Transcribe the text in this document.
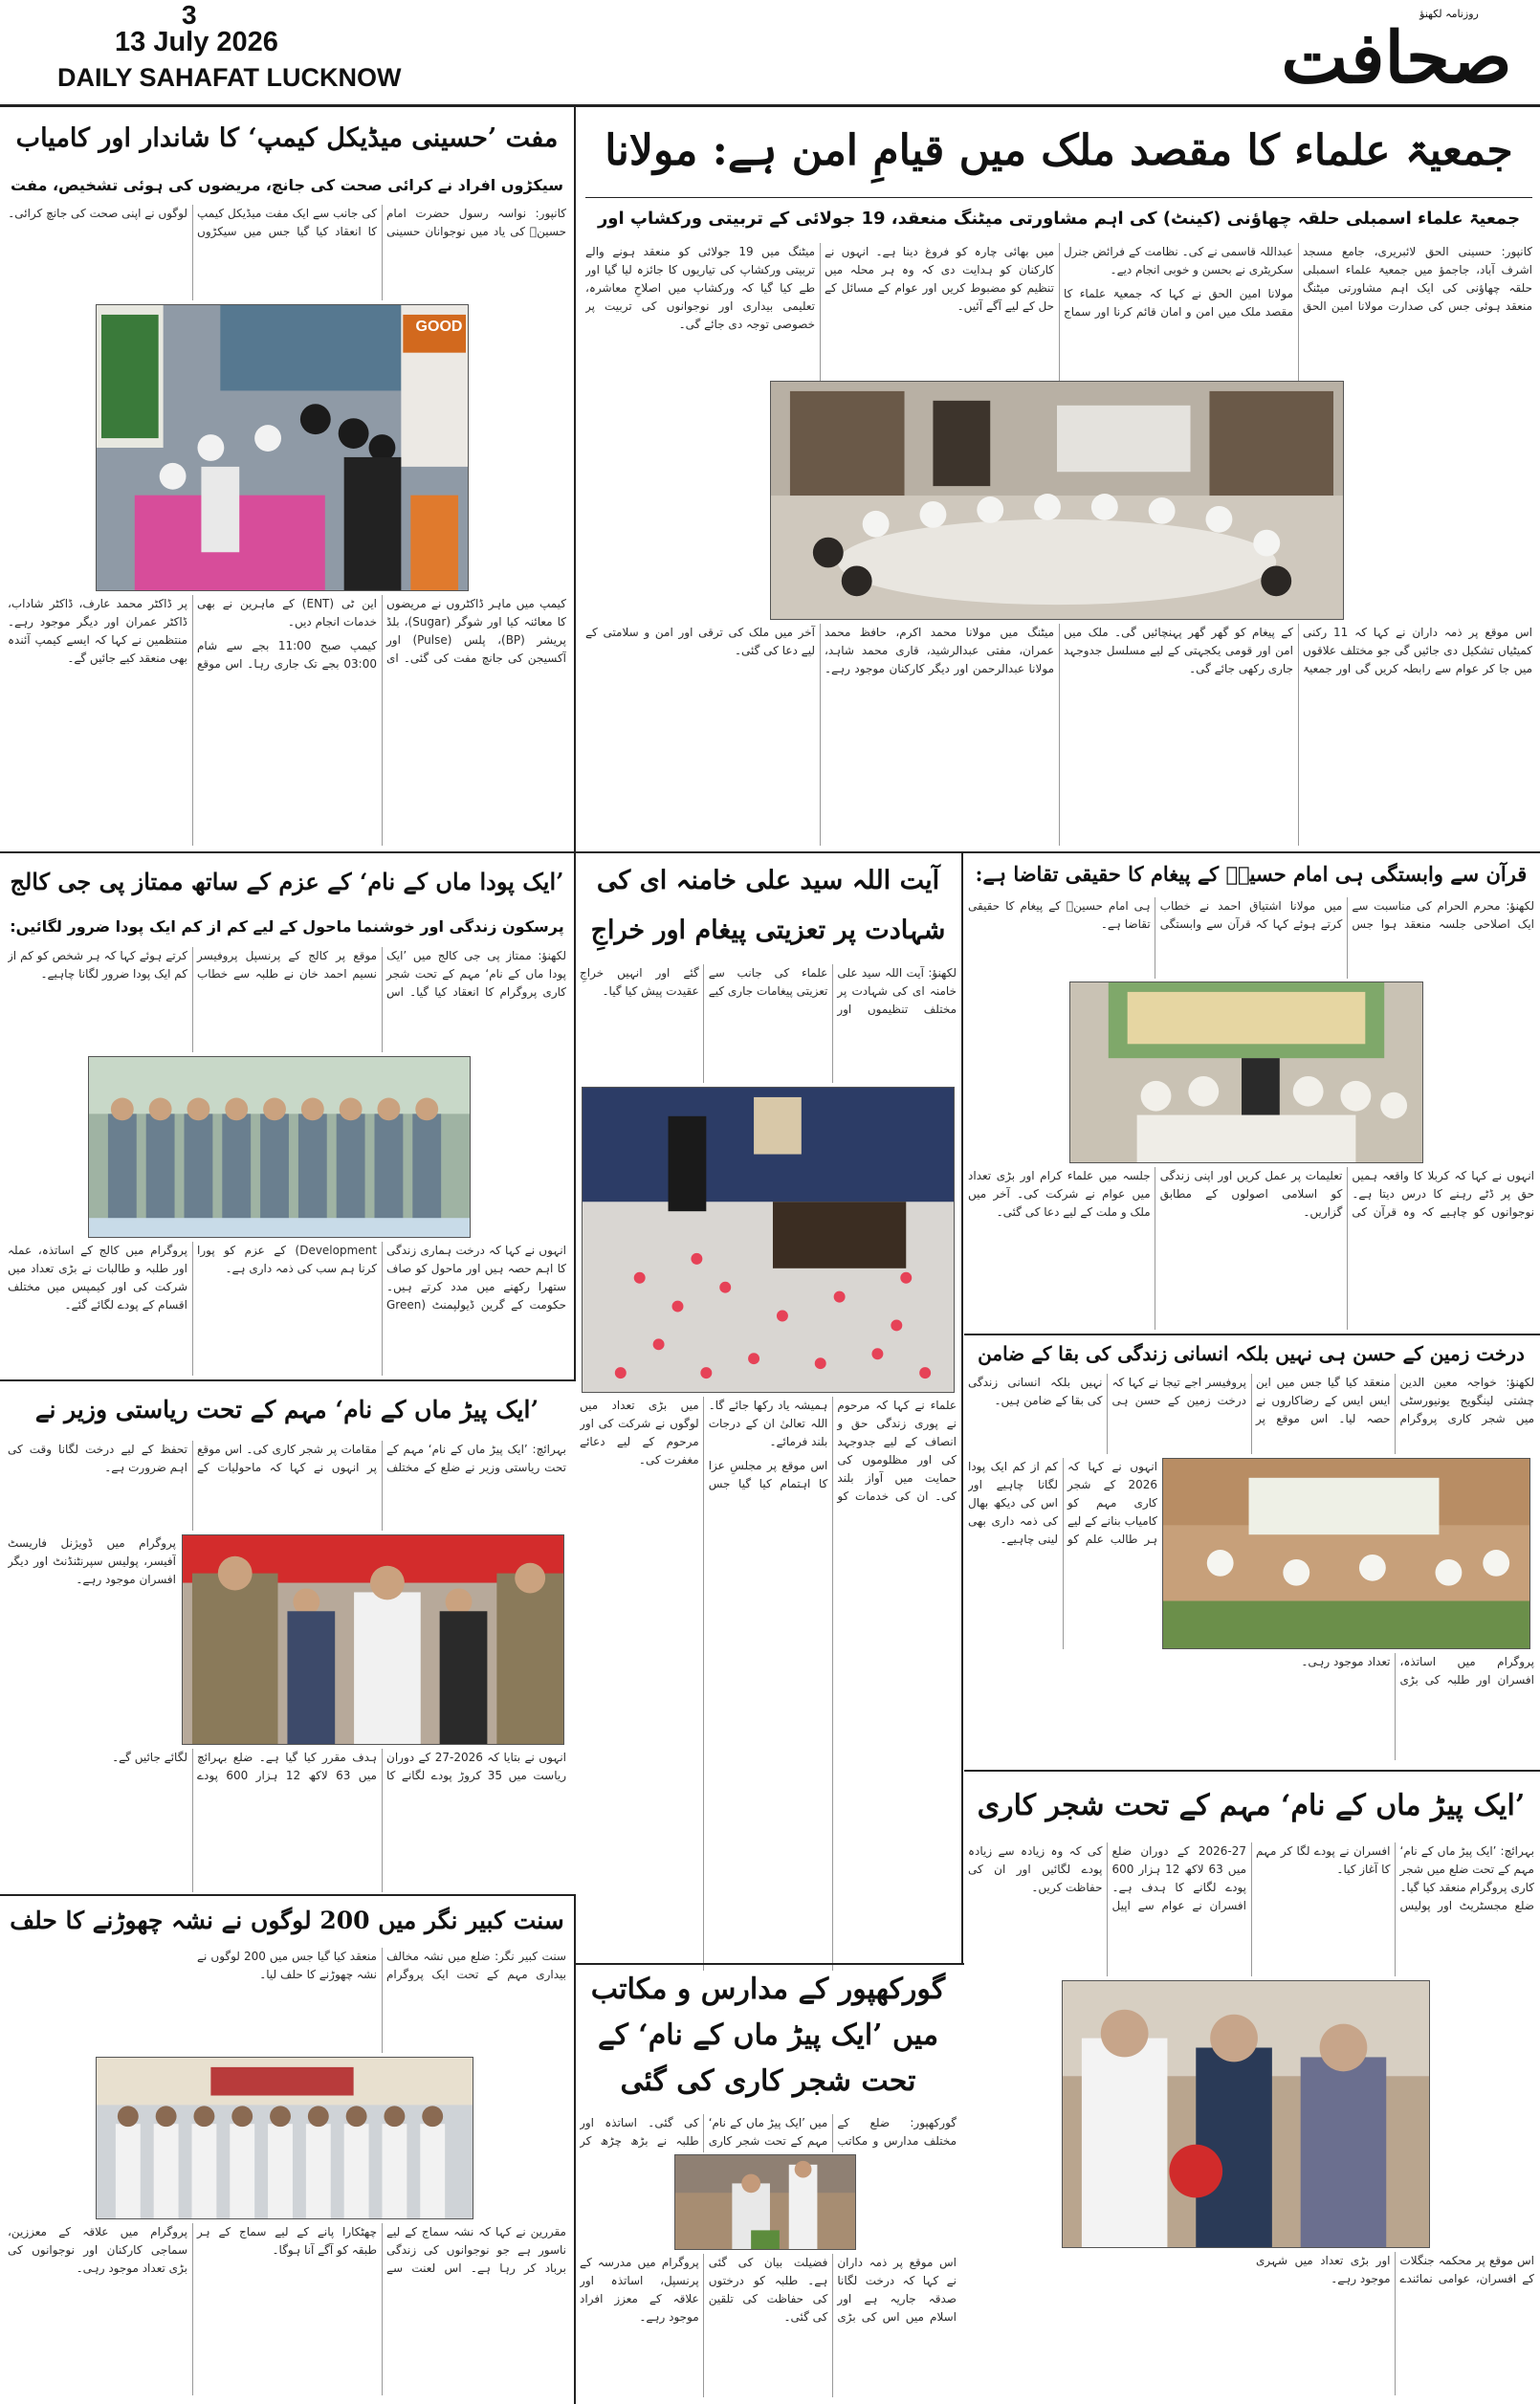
3
13 July 2026
DAILY SAHAFAT LUCKNOW
روزنامہ لکھنؤ
صحافت
جمعیۃ علماء کا مقصد ملک میں قیامِ امن ہے: مولانا
جمعیۃ علماء اسمبلی حلقہ چھاؤنی (کینٹ) کی اہم مشاورتی میٹنگ منعقد، 19 جولائی کے تربیتی ورکشاپ اور

کانپور: حسینی الحق لائبریری، جامع مسجد اشرف آباد، جاجمؤ میں جمعیۃ علماء اسمبلی حلقہ چھاؤنی کی ایک اہم مشاورتی میٹنگ منعقد ہوئی جس کی صدارت مولانا امین الحق عبداللہ قاسمی نے کی۔ نظامت کے فرائض جنرل سکریٹری نے بحسن و خوبی انجام دیے۔

مولانا امین الحق نے کہا کہ جمعیۃ علماء کا مقصد ملک میں امن و امان قائم کرنا اور سماج میں بھائی چارہ کو فروغ دینا ہے۔ انہوں نے کارکنان کو ہدایت دی کہ وہ ہر محلہ میں تنظیم کو مضبوط کریں اور عوام کے مسائل کے حل کے لیے آگے آئیں۔

میٹنگ میں 19 جولائی کو منعقد ہونے والے تربیتی ورکشاپ کی تیاریوں کا جائزہ لیا گیا اور طے کیا گیا کہ ورکشاپ میں اصلاحِ معاشرہ، تعلیمی بیداری اور نوجوانوں کی تربیت پر خصوصی توجہ دی جائے گی۔

اس موقع پر ذمہ داران نے کہا کہ 11 رکنی کمیٹیاں تشکیل دی جائیں گی جو مختلف علاقوں میں جا کر عوام سے رابطہ کریں گی اور جمعیۃ کے پیغام کو گھر گھر پہنچائیں گی۔ ملک میں امن اور قومی یکجہتی کے لیے مسلسل جدوجہد جاری رکھی جائے گی۔

میٹنگ میں مولانا محمد اکرم، حافظ محمد عمران، مفتی عبدالرشید، قاری محمد شاہد، مولانا عبدالرحمن اور دیگر کارکنان موجود رہے۔ آخر میں ملک کی ترقی اور امن و سلامتی کے لیے دعا کی گئی۔

مفت ’حسینی میڈیکل کیمپ‘ کا شاندار اور کامیاب
سیکڑوں افراد نے کرائی صحت کی جانچ، مریضوں کی ہوئی تشخیص، مفت

کانپور: نواسہ رسول حضرت امام حسینؓ کی یاد میں نوجوانان حسینی کی جانب سے ایک مفت میڈیکل کیمپ کا انعقاد کیا گیا جس میں سیکڑوں لوگوں نے اپنی صحت کی جانچ کرائی۔

GOOD

کیمپ میں ماہر ڈاکٹروں نے مریضوں کا معائنہ کیا اور شوگر (Sugar)، بلڈ پریشر (BP)، پلس (Pulse) اور آکسیجن کی جانچ مفت کی گئی۔ ای این ٹی (ENT) کے ماہرین نے بھی خدمات انجام دیں۔

کیمپ صبح 11:00 بجے سے شام 03:00 بجے تک جاری رہا۔ اس موقع پر ڈاکٹر محمد عارف، ڈاکٹر شاداب، ڈاکٹر عمران اور دیگر موجود رہے۔ منتظمین نے کہا کہ ایسے کیمپ آئندہ بھی منعقد کیے جائیں گے۔

قرآن سے وابستگی ہی امام حسینؓ کے پیغام کا حقیقی تقاضا ہے:

لکھنؤ: محرم الحرام کی مناسبت سے ایک اصلاحی جلسہ منعقد ہوا جس میں مولانا اشتیاق احمد نے خطاب کرتے ہوئے کہا کہ قرآن سے وابستگی ہی امام حسینؓ کے پیغام کا حقیقی تقاضا ہے۔

انہوں نے کہا کہ کربلا کا واقعہ ہمیں حق پر ڈٹے رہنے کا درس دیتا ہے۔ نوجوانوں کو چاہیے کہ وہ قرآن کی تعلیمات پر عمل کریں اور اپنی زندگی کو اسلامی اصولوں کے مطابق گزاریں۔

جلسہ میں علماء کرام اور بڑی تعداد میں عوام نے شرکت کی۔ آخر میں ملک و ملت کے لیے دعا کی گئی۔

درخت زمین کے حسن ہی نہیں بلکہ انسانی زندگی کی بقا کے ضامن

لکھنؤ: خواجہ معین الدین چشتی لینگویج یونیورسٹی میں شجر کاری پروگرام منعقد کیا گیا جس میں این ایس ایس کے رضاکاروں نے حصہ لیا۔ اس موقع پر پروفیسر اجے تیجا نے کہا کہ درخت زمین کے حسن ہی نہیں بلکہ انسانی زندگی کی بقا کے ضامن ہیں۔

انہوں نے کہا کہ 2026 کے شجر کاری مہم کو کامیاب بنانے کے لیے ہر طالب علم کو کم از کم ایک پودا لگانا چاہیے اور اس کی دیکھ بھال کی ذمہ داری بھی لینی چاہیے۔

پروگرام میں اساتذہ، افسران اور طلبہ کی بڑی تعداد موجود رہی۔

’ایک پیڑ ماں کے نام‘ مہم کے تحت شجر کاری

بہرائچ: ’ایک پیڑ ماں کے نام‘ مہم کے تحت ضلع میں شجر کاری پروگرام منعقد کیا گیا۔ ضلع مجسٹریٹ اور پولیس افسران نے پودے لگا کر مہم کا آغاز کیا۔

2026-27 کے دوران ضلع میں 63 لاکھ 12 ہزار 600 پودے لگانے کا ہدف ہے۔ افسران نے عوام سے اپیل کی کہ وہ زیادہ سے زیادہ پودے لگائیں اور ان کی حفاظت کریں۔

اس موقع پر محکمہ جنگلات کے افسران، عوامی نمائندے اور بڑی تعداد میں شہری موجود رہے۔

آیت اللہ سید علی خامنہ ای کی شہادت پر تعزیتی پیغام اور خراجِ

لکھنؤ: آیت اللہ سید علی خامنہ ای کی شہادت پر مختلف تنظیموں اور علماء کی جانب سے تعزیتی پیغامات جاری کیے گئے اور انہیں خراجِ عقیدت پیش کیا گیا۔

علماء نے کہا کہ مرحوم نے پوری زندگی حق و انصاف کے لیے جدوجہد کی اور مظلوموں کی حمایت میں آواز بلند کی۔ ان کی خدمات کو ہمیشہ یاد رکھا جائے گا۔ اللہ تعالیٰ ان کے درجات بلند فرمائے۔

اس موقع پر مجلسِ عزا کا اہتمام کیا گیا جس میں بڑی تعداد میں لوگوں نے شرکت کی اور مرحوم کے لیے دعائے مغفرت کی۔

’ایک پودا ماں کے نام‘ کے عزم کے ساتھ ممتاز پی جی کالج
پرسکون زندگی اور خوشنما ماحول کے لیے کم از کم ایک پودا ضرور لگائیں:

لکھنؤ: ممتاز پی جی کالج میں ’ایک پودا ماں کے نام‘ مہم کے تحت شجر کاری پروگرام کا انعقاد کیا گیا۔ اس موقع پر کالج کے پرنسپل پروفیسر نسیم احمد خان نے طلبہ سے خطاب کرتے ہوئے کہا کہ ہر شخص کو کم از کم ایک پودا ضرور لگانا چاہیے۔

انہوں نے کہا کہ درخت ہماری زندگی کا اہم حصہ ہیں اور ماحول کو صاف ستھرا رکھنے میں مدد کرتے ہیں۔ حکومت کے گرین ڈیولپمنٹ (Green Development) کے عزم کو پورا کرنا ہم سب کی ذمہ داری ہے۔

پروگرام میں کالج کے اساتذہ، عملہ اور طلبہ و طالبات نے بڑی تعداد میں شرکت کی اور کیمپس میں مختلف اقسام کے پودے لگائے گئے۔

’ایک پیڑ ماں کے نام‘ مہم کے تحت ریاستی وزیر نے

بہرائچ: ’ایک پیڑ ماں کے نام‘ مہم کے تحت ریاستی وزیر نے ضلع کے مختلف مقامات پر شجر کاری کی۔ اس موقع پر انہوں نے کہا کہ ماحولیات کے تحفظ کے لیے درخت لگانا وقت کی اہم ضرورت ہے۔

پروگرام میں ڈویژنل فاریسٹ آفیسر، پولیس سپرنٹنڈنٹ اور دیگر افسران موجود رہے۔

انہوں نے بتایا کہ 2026-27 کے دوران ریاست میں 35 کروڑ پودے لگانے کا ہدف مقرر کیا گیا ہے۔ ضلع بہرائچ میں 63 لاکھ 12 ہزار 600 پودے لگائے جائیں گے۔

سنت کبیر نگر میں 200 لوگوں نے نشہ چھوڑنے کا حلف

سنت کبیر نگر: ضلع میں نشہ مخالف بیداری مہم کے تحت ایک پروگرام منعقد کیا گیا جس میں 200 لوگوں نے نشہ چھوڑنے کا حلف لیا۔

مقررین نے کہا کہ نشہ سماج کے لیے ناسور ہے جو نوجوانوں کی زندگی برباد کر رہا ہے۔ اس لعنت سے چھٹکارا پانے کے لیے سماج کے ہر طبقہ کو آگے آنا ہوگا۔

پروگرام میں علاقہ کے معززین، سماجی کارکنان اور نوجوانوں کی بڑی تعداد موجود رہی۔

گورکھپور کے مدارس و مکاتب میں ’ایک پیڑ ماں کے نام‘ کے تحت شجر کاری کی گئی

گورکھپور: ضلع کے مختلف مدارس و مکاتب میں ’ایک پیڑ ماں کے نام‘ مہم کے تحت شجر کاری کی گئی۔ اساتذہ اور طلبہ نے بڑھ چڑھ کر

اس موقع پر ذمہ داران نے کہا کہ درخت لگانا صدقہ جاریہ ہے اور اسلام میں اس کی بڑی فضیلت بیان کی گئی ہے۔ طلبہ کو درختوں کی حفاظت کی تلقین کی گئی۔

پروگرام میں مدرسہ کے پرنسپل، اساتذہ اور علاقہ کے معزز افراد موجود رہے۔
